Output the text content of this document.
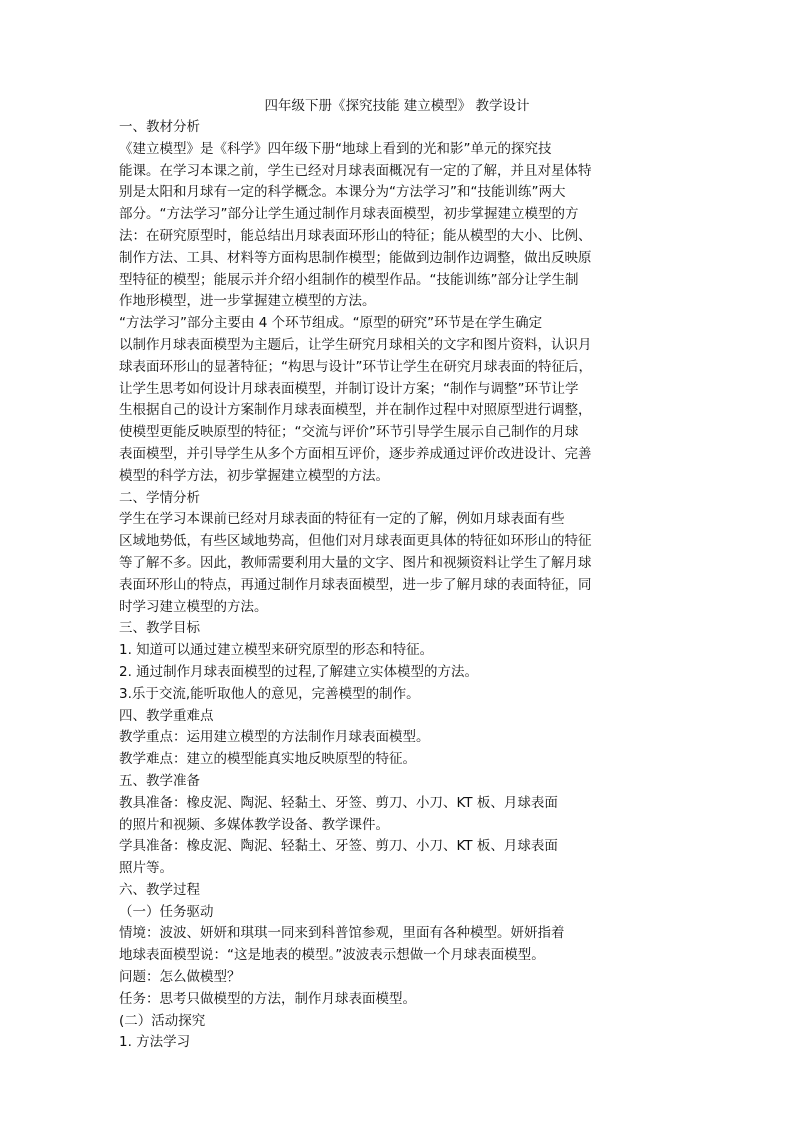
四年级下册《探究技能 建立模型》 教学设计
一、教材分析
《建立模型》是《科学》四年级下册“地球上看到的光和影”单元的探究技
能课。在学习本课之前，学生已经对月球表面概况有一定的了解，并且对星体特
别是太阳和月球有一定的科学概念。本课分为“方法学习”和“技能训练”两大
部分。“方法学习”部分让学生通过制作月球表面模型，初步掌握建立模型的方
法：在研究原型时，能总结出月球表面环形山的特征；能从模型的大小、比例、
制作方法、工具、材料等方面构思制作模型；能做到边制作边调整，做出反映原
型特征的模型；能展示并介绍小组制作的模型作品。“技能训练”部分让学生制
作地形模型，进一步掌握建立模型的方法。
“方法学习”部分主要由 4 个环节组成。“原型的研究”环节是在学生确定
以制作月球表面模型为主题后，让学生研究月球相关的文字和图片资料，认识月
球表面环形山的显著特征；“构思与设计”环节让学生在研究月球表面的特征后，
让学生思考如何设计月球表面模型，并制订设计方案；“制作与调整”环节让学
生根据自己的设计方案制作月球表面模型，并在制作过程中对照原型进行调整，
使模型更能反映原型的特征；“交流与评价”环节引导学生展示自己制作的月球
表面模型，并引导学生从多个方面相互评价，逐步养成通过评价改进设计、完善
模型的科学方法，初步掌握建立模型的方法。
二、学情分析
学生在学习本课前已经对月球表面的特征有一定的了解，例如月球表面有些
区域地势低，有些区域地势高，但他们对月球表面更具体的特征如环形山的特征
等了解不多。因此，教师需要利用大量的文字、图片和视频资料让学生了解月球
表面环形山的特点，再通过制作月球表面模型，进一步了解月球的表面特征，同
时学习建立模型的方法。
三、教学目标
1. 知道可以通过建立模型来研究原型的形态和特征。
2. 通过制作月球表面模型的过程,了解建立实体模型的方法。
3.乐于交流,能听取他人的意见，完善模型的制作。
四、教学重难点
教学重点：运用建立模型的方法制作月球表面模型。
教学难点：建立的模型能真实地反映原型的特征。
五、教学准备
教具准备：橡皮泥、陶泥、轻黏土、牙签、剪刀、小刀、KT 板、月球表面
的照片和视频、多媒体教学设备、教学课件。
学具准备：橡皮泥、陶泥、轻黏土、牙签、剪刀、小刀、KT 板、月球表面
照片等。
六、教学过程
（一）任务驱动
情境：波波、妍妍和琪琪一同来到科普馆参观，里面有各种模型。妍妍指着
地球表面模型说：“这是地表的模型。”波波表示想做一个月球表面模型。
问题：怎么做模型？
任务：思考只做模型的方法，制作月球表面模型。
(二）活动探究
1. 方法学习
